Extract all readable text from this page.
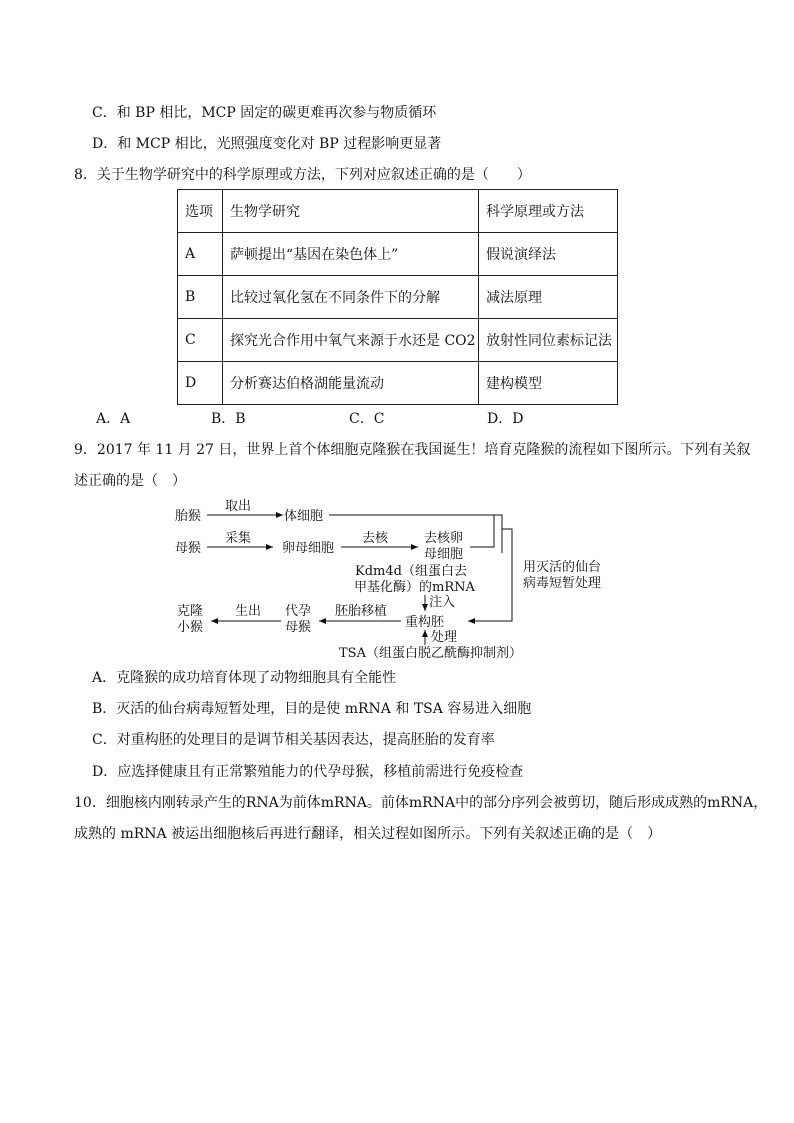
C．和 BP 相比，MCP 固定的碳更难再次参与物质循环
D．和 MCP 相比，光照强度变化对 BP 过程影响更显著
8．关于生物学研究中的科学原理或方法，下列对应叙述正确的是（　　）
选项	生物学研究	科学原理或方法
A	萨顿提出“基因在染色体上”	假说演绎法
B	比较过氧化氢在不同条件下的分解	减法原理
C	探究光合作用中氧气来源于水还是 CO2	放射性同位素标记法
D	分析赛达伯格湖能量流动	建构模型
A．A	B．B	C．C	D．D
9．2017 年 11 月 27 日，世界上首个体细胞克隆猴在我国诞生！培育克隆猴的流程如下图所示。下列有关叙
述正确的是（　）
胎猴
取出
体细胞
母猴
采集
卵母细胞
去核	去核卵
母细胞
用灭活的仙台
病毒短暂处理
Kdm4d（组蛋白去
甲基化酶）的mRNA
注入
重构胚
处理
TSA（组蛋白脱乙酰酶抑制剂）
胚胎移植
代孕
母猴
生出
克隆
小猴
A．克隆猴的成功培育体现了动物细胞具有全能性
B．灭活的仙台病毒短暂处理，目的是使 mRNA 和 TSA 容易进入细胞
C．对重构胚的处理目的是调节相关基因表达，提高胚胎的发育率
D．应选择健康且有正常繁殖能力的代孕母猴，移植前需进行免疫检查
10．细胞核内刚转录产生的RNA为前体mRNA。前体mRNA中的部分序列会被剪切，随后形成成熟的mRNA，
成熟的 mRNA 被运出细胞核后再进行翻译，相关过程如图所示。下列有关叙述正确的是（　）
